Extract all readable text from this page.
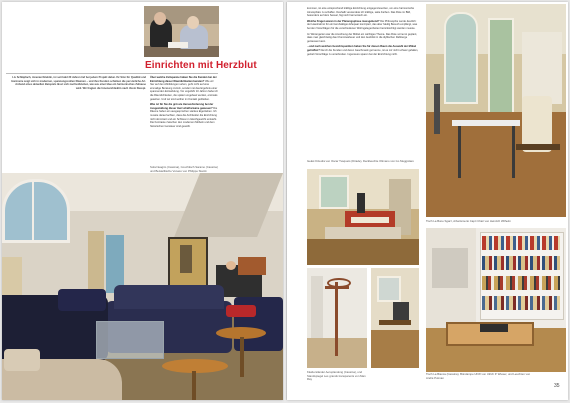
Einrichten mit Herzblut
Lis Schläpfach, innenarchitektin, ist seit bald 20 Jahren tief bei jedem Projekt dabei. Ihr Sinn für Qualität und Harmonie zeigt sich in modernen, spannungsvollen Räumen – und ihre Kunden schätzen die persönliche Art. Anhand eines aktuellen Beispiels lässt sich nachvollziehen, wie aus einer Idee ein harmonisches Zuhause wird. Wir fragten die Innenarchitektin nach ihrem Rezept.

Über welche Zeitspanne haben Sie die Kunden bei der Einrichtung dieser Räumlichkeiten beraten? Wie wir hier auf den Abbildungen sehen, geht nicht auf eine einmalige Beratung zurück, sondern ist das Ergebnis einer spannenden Entwicklung. Vor ungefähr 10 Jahren habe ich die Räumlichkeiten, die später umgebaut wurden, erstmals gesehen. Und wir sind seither im Kontakt geblieben.

Was ist für Sie die grösste Herausforderung bei der Ausgestaltung dieser Herrschaftsräume gewesen? Die Räume haben ein ausgesprochen starkes Eigenleben. Ich musste darauf achten, dass die Architektur die Einrichtung nicht dominiert und ein Schloss im Gleichgewicht entsteht. Die Kontraste zwischen den modernen Möbeln und dem historischen Gemäuer sind gewollt.

Sofa Neagiro (Cassina), Couchtisch Saramo (Cassina) und Beistelltische Vonaco von Philippe Starck

kommen, ist eine entsprechend kräftige Einrichtung entgegenzusetzen, um eine harmonische Atmosphäre zu schaffen. Deshalb verwendete ich kräftige, satte Farben. Das Rote im Bild, besonders auf dem Sessel, fügt sich harmonisch ein.

Welche Fragen waren in der Planungsphase massgebend? Die Philosophie wurde deutlich: der Haushalt ist für ein berufstätiges Ehepaar konzipiert, das aber häufig Besuch empfängt, was bei den Vorschlägen für die verschiedenen Wohngelegenheiten berücksichtigt werden musste.

Im Wintergarten war die Anordnung der Möbel ein wichtiges Thema. Das Rote vorne ist geplant, dass man gleichzeitig das Cheminéefeuer und den Ausblick in die idyllischen Rebberge geniessen kann.

...und nach welchen Gesichtspunkten haben Sie für diesen Raum die Auswahl der Möbel getroffen? Da ich die Kunden und deren Geschmack gut kenne, ist es mir nicht schwer gefallen, gezielt Vorschläge zu unterbreiten. Ingenieure sparen bei der Einrichtung nicht.

Geäst Kiriedra von Oscar Tusquets (Driade), Deckleuchte Olimano von Ivo Meggiolaro
Tisch La Bune Sgarz, Arbeitsmenü Capri Chair von Heinrich Wilhelm
Kleiderständer Aeroplandong (Cassina), und Standspiegel Les grands transparents von Man Ray
Tisch La Bianca (Cassina), Bürolampe UFW von Ulrich P. Wieser, und Leuchten von André Putman
35
